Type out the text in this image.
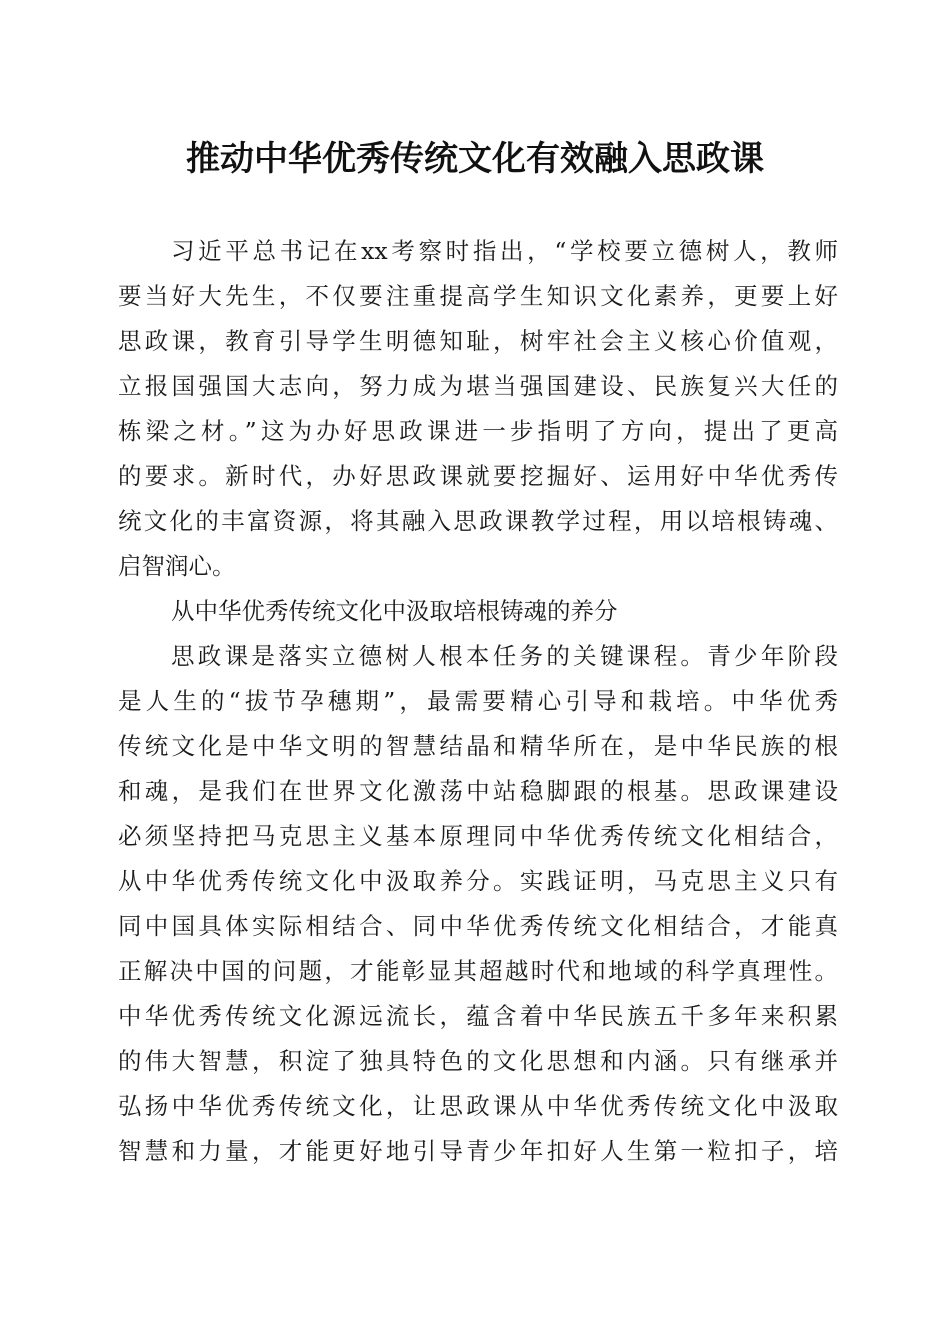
推动中华优秀传统文化有效融入思政课
习近平总书记在xx考察时指出，“学校要立德树人，教师
要当好大先生，不仅要注重提高学生知识文化素养，更要上好
思政课，教育引导学生明德知耻，树牢社会主义核心价值观，
立报国强国大志向，努力成为堪当强国建设、民族复兴大任的
栋梁之材。”这为办好思政课进一步指明了方向，提出了更高
的要求。新时代，办好思政课就要挖掘好、运用好中华优秀传
统文化的丰富资源，将其融入思政课教学过程，用以培根铸魂、
启智润心。
从中华优秀传统文化中汲取培根铸魂的养分
思政课是落实立德树人根本任务的关键课程。青少年阶段
是人生的“拔节孕穗期”，最需要精心引导和栽培。中华优秀
传统文化是中华文明的智慧结晶和精华所在，是中华民族的根
和魂，是我们在世界文化激荡中站稳脚跟的根基。思政课建设
必须坚持把马克思主义基本原理同中华优秀传统文化相结合，
从中华优秀传统文化中汲取养分。实践证明，马克思主义只有
同中国具体实际相结合、同中华优秀传统文化相结合，才能真
正解决中国的问题，才能彰显其超越时代和地域的科学真理性。
中华优秀传统文化源远流长，蕴含着中华民族五千多年来积累
的伟大智慧，积淀了独具特色的文化思想和内涵。只有继承并
弘扬中华优秀传统文化，让思政课从中华优秀传统文化中汲取
智慧和力量，才能更好地引导青少年扣好人生第一粒扣子，培
